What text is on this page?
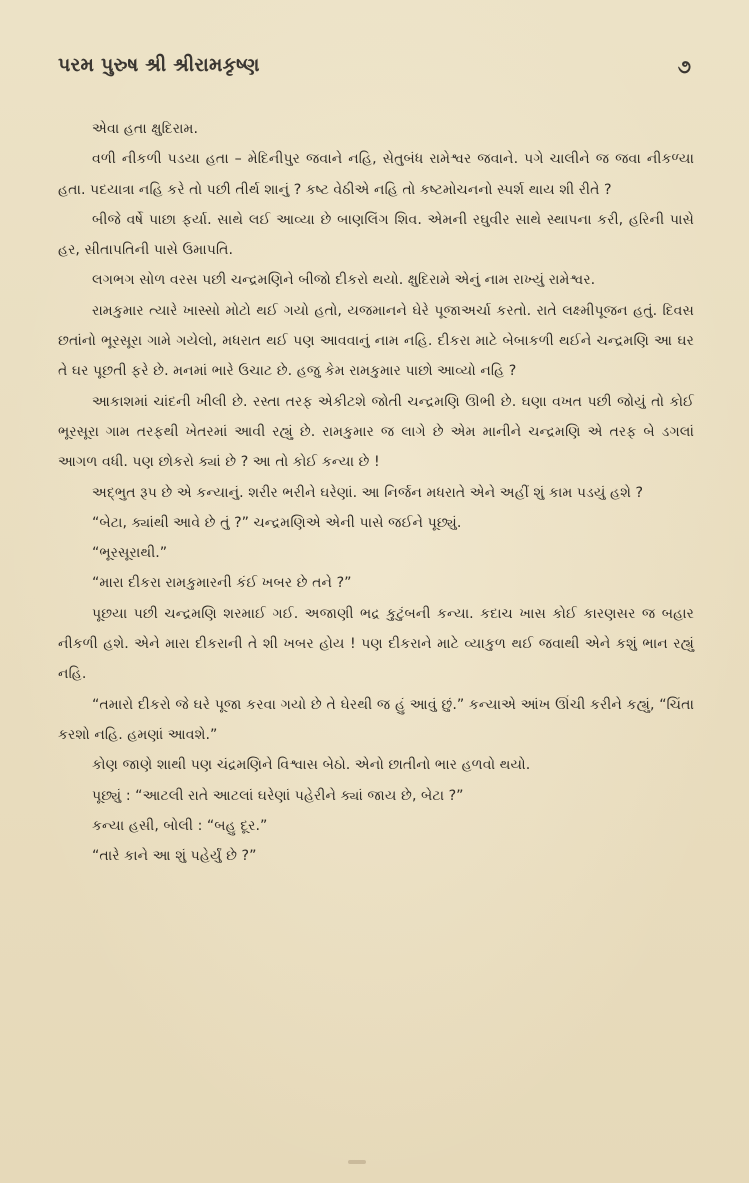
પરમ પુરુષ શ્રી શ્રીરામકૃષ્ણ	૭

એવા હતા ક્ષુદિરામ.

વળી નીકળી પડયા હતા – મેદિનીપુર જવાને નહિ, સેતુબંધ રામેશ્વર જવાને. પગે ચાલીને જ જવા નીકળ્યા હતા. પદયાત્રા નહિ કરે તો પછી તીર્થ શાનું ? કષ્ટ વેઠીએ નહિ તો કષ્ટમોચનનો સ્પર્શ થાય શી રીતે ?

બીજે વર્ષે પાછા ફર્યા. સાથે લઈ આવ્યા છે બાણલિંગ શિવ. એમની રઘુવીર સાથે સ્થાપના કરી, હરિની પાસે હર, સીતાપતિની પાસે ઉમાપતિ.

લગભગ સોળ વરસ પછી ચન્દ્રમણિને બીજો દીકરો થયો. ક્ષુદિરામે એનું નામ રાખ્યું રામેશ્વર.

રામકુમાર ત્યારે ખાસ્સો મોટો થઈ ગયો હતો, યજમાનને ઘેરે પૂજાઅર્ચા કરતો. રાતે લક્ષ્મીપૂજન હતું. દિવસ છતાંનો ભૂરસૂરા ગામે ગયેલો, મધરાત થઈ પણ આવવાનું નામ નહિ. દીકરા માટે બેબાકળી થઈને ચન્દ્રમણિ આ ઘર તે ઘર પૂછતી ફરે છે. મનમાં ભારે ઉચાટ છે. હજુ કેમ રામકુમાર પાછો આવ્યો નહિ ?

આકાશમાં ચાંદની ખીલી છે. રસ્તા તરફ એકીટશે જોતી ચન્દ્રમણિ ઊભી છે. ઘણા વખત પછી જોયું તો કોઈ ભૂરસૂરા ગામ તરફથી ખેતરમાં આવી રહ્યું છે. રામકુમાર જ લાગે છે એમ માનીને ચન્દ્રમણિ એ તરફ બે ડગલાં આગળ વધી. પણ છોકરો ક્યાં છે ? આ તો કોઈ કન્યા છે !

અદ્ભુત રૂપ છે એ કન્યાનું. શરીર ભરીને ઘરેણાં. આ નિર્જન મધરાતે એને અહીં શું કામ પડયું હશે ?

“બેટા, ક્યાંથી આવે છે તું ?” ચન્દ્રમણિએ એની પાસે જઈને પૂછ્યું.

“ભૂરસૂરાથી.”

“મારા દીકરા રામકુમારની કંઈ ખબર છે તને ?”

પૂછયા પછી ચન્દ્રમણિ શરમાઈ ગઈ. અજાણી ભદ્ર કુટુંબની કન્યા. કદાચ ખાસ કોઈ કારણસર જ બહાર નીકળી હશે. એને મારા દીકરાની તે શી ખબર હોય ! પણ દીકરાને માટે વ્યાકુળ થઈ જવાથી એને કશું ભાન રહ્યું નહિ.

“તમારો દીકરો જે ઘરે પૂજા કરવા ગયો છે તે ઘેરથી જ હું આવું છું.” કન્યાએ આંખ ઊંચી કરીને કહ્યું, “ચિંતા કરશો નહિ. હમણાં આવશે.”

કોણ જાણે શાથી પણ ચંદ્રમણિને વિશ્વાસ બેઠો. એનો છાતીનો ભાર હળવો થયો.

પૂછ્યું : “આટલી રાતે આટલાં ઘરેણાં પહેરીને ક્યાં જાય છે, બેટા ?”

કન્યા હસી, બોલી : “બહુ દૂર.”

“તારે કાને આ શું પહેર્યું છે ?”
